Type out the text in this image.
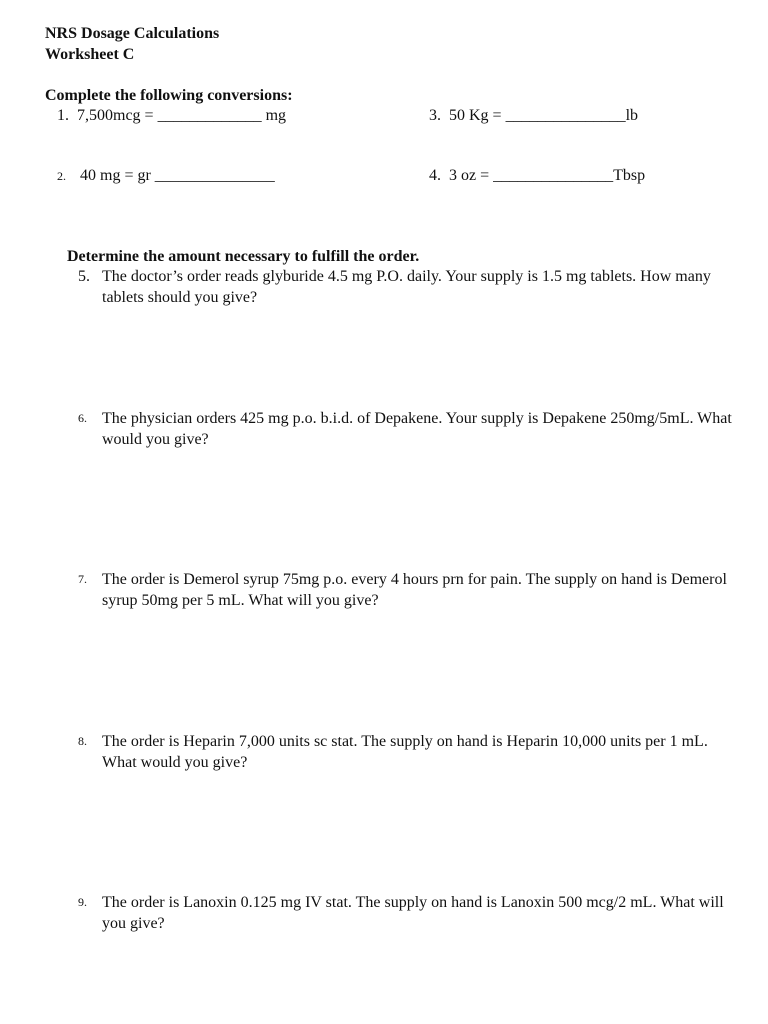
NRS Dosage Calculations
Worksheet C
Complete the following conversions:
1. 7,500mcg = _____________ mg
2. 40 mg = gr _______________
3. 50 Kg = _______________lb
4. 3 oz = _______________Tbsp
Determine the amount necessary to fulfill the order.
5. The doctor’s order reads glyburide 4.5 mg P.O. daily. Your supply is 1.5 mg tablets. How many tablets should you give?
6. The physician orders 425 mg p.o. b.i.d. of Depakene. Your supply is Depakene 250mg/5mL. What would you give?
7. The order is Demerol syrup 75mg p.o. every 4 hours prn for pain. The supply on hand is Demerol syrup 50mg per 5 mL. What will you give?
8. The order is Heparin 7,000 units sc stat. The supply on hand is Heparin 10,000 units per 1 mL. What would you give?
9. The order is Lanoxin 0.125 mg IV stat. The supply on hand is Lanoxin 500 mcg/2 mL. What will you give?
